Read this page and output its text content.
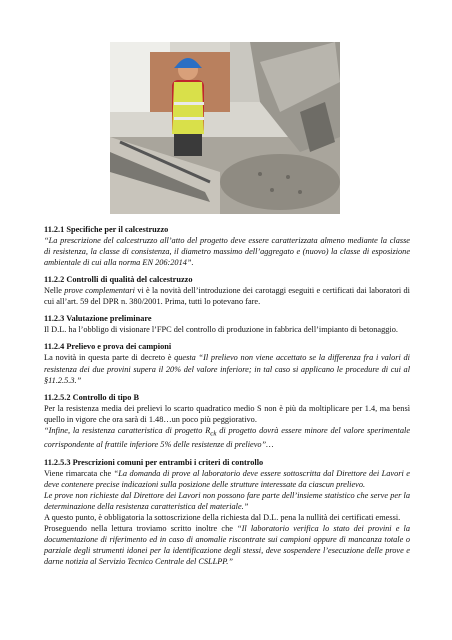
11.2.1 Specifiche per il calcestruzzo

“La prescrizione del calcestruzzo all’atto del progetto deve essere caratterizzata almeno mediante la classe di resistenza, la classe di consistenza, il diametro massimo dell’aggregato e (nuovo) la classe di esposizione ambientale di cui alla norma EN 206:2014”.

11.2.2 Controlli di qualità del calcestruzzo

Nelle prove complementari vi è la novità dell’introduzione dei carotaggi eseguiti e certificati dai laboratori di cui all’art. 59 del DPR n. 380/2001. Prima, tutti lo potevano fare.

11.2.3 Valutazione preliminare

Il D.L. ha l’obbligo di visionare l’FPC del controllo di produzione in fabbrica dell’impianto di betonaggio.

11.2.4 Prelievo e prova dei campioni

La novità in questa parte di decreto è questa “Il prelievo non viene accettato se la differenza fra i valori di resistenza dei due provini supera il 20% del valore inferiore; in tal caso si applicano le procedure di cui al §11.2.5.3.”

11.2.5.2 Controllo di tipo B

Per la resistenza media dei prelievi lo scarto quadratico medio S non è più da moltiplicare per 1.4, ma bensì quello in vigore che ora sarà di 1.48…un poco più peggiorativo.

“Infine, la resistenza caratteristica di progetto $R_{ck}$ di progetto dovrà essere minore del valore sperimentale corrispondente al frattile inferiore 5% delle resistenze di prelievo”…

11.2.5.3 Prescrizioni comuni per entrambi i criteri di controllo

Viene rimarcata che “La domanda di prove al laboratorio deve essere sottoscritta dal Direttore dei Lavori e deve contenere precise indicazioni sulla posizione delle strutture interessate da ciascun prelievo.

Le prove non richieste dal Direttore dei Lavori non possono fare parte dell’insieme statistico che serve per la determinazione della resistenza caratteristica del materiale.”

A questo punto, è obbligatoria la sottoscrizione della richiesta dal D.L. pena la nullità dei certificati emessi.

Proseguendo nella lettura troviamo scritto inoltre che “Il laboratorio verifica lo stato dei provini e la documentazione di riferimento ed in caso di anomalie riscontrate sui campioni oppure di mancanza totale o parziale degli strumenti idonei per la identificazione degli stessi, deve sospendere l’esecuzione delle prove e darne notizia al Servizio Tecnico Centrale del CSLLPP.”
